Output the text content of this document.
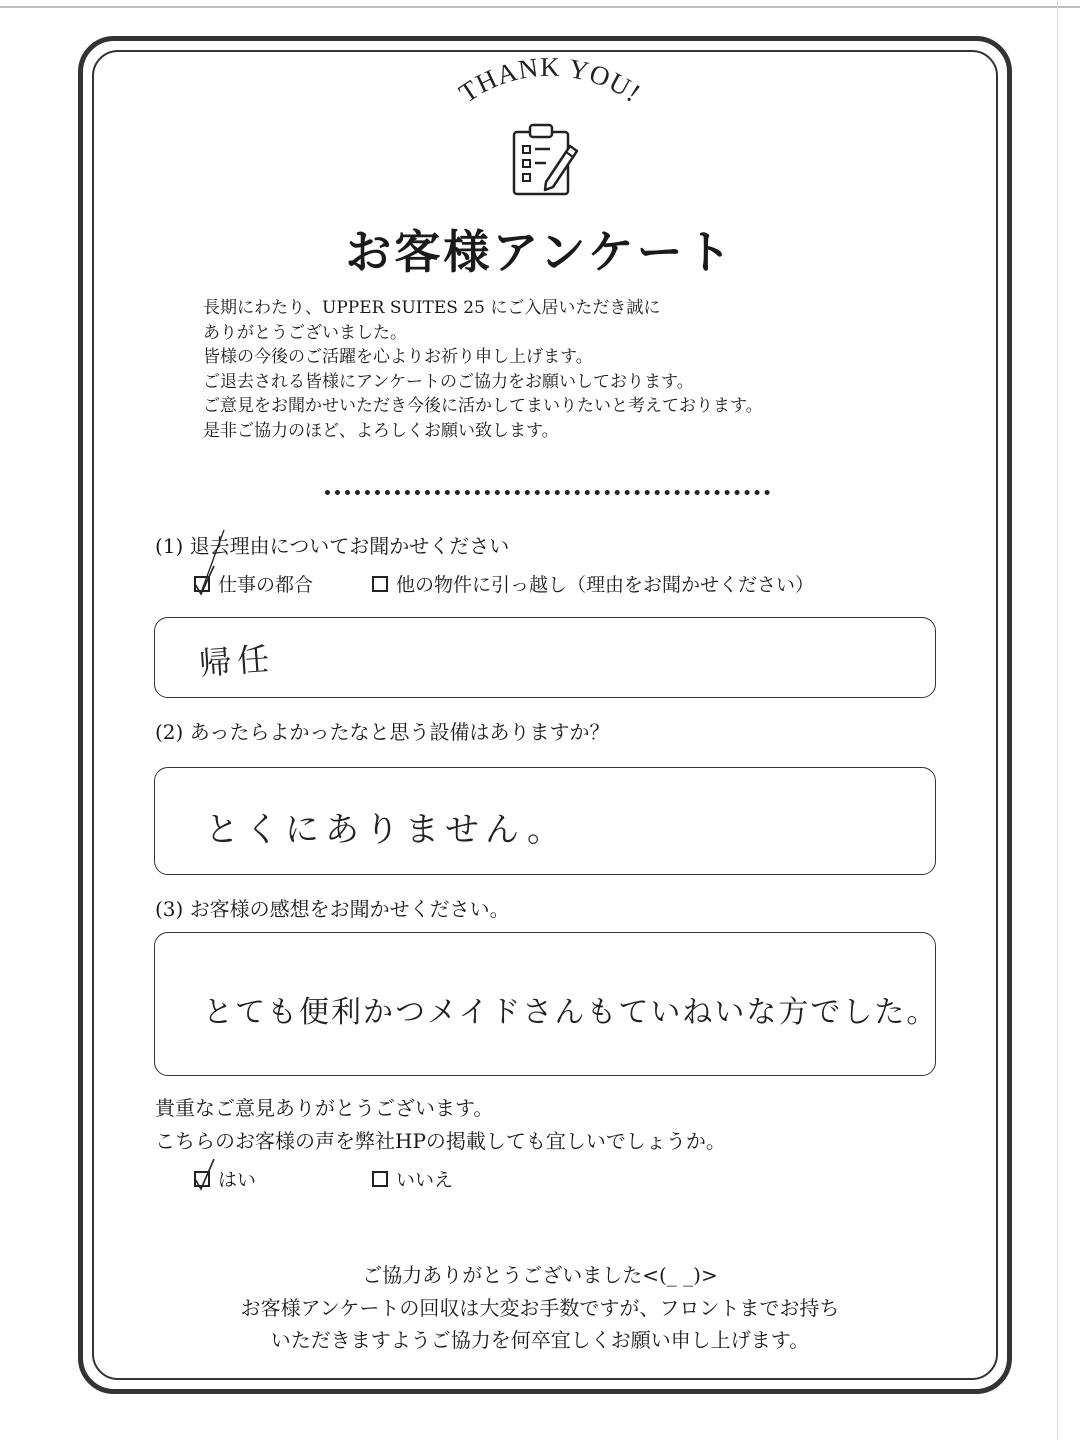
THANK YOU!
お客様アンケート
長期にわたり、UPPER SUITES 25 にご入居いただき誠に
ありがとうございました。
皆様の今後のご活躍を心よりお祈り申し上げます。
ご退去される皆様にアンケートのご協力をお願いしております。
ご意見をお聞かせいただき今後に活かしてまいりたいと考えております。
是非ご協力のほど、よろしくお願い致します。
(1) 退去理由についてお聞かせください
仕事の都合	他の物件に引っ越し（理由をお聞かせください）
帰任
(2) あったらよかったなと思う設備はありますか？
とくにありません。
(3) お客様の感想をお聞かせください。
とても便利かつメイドさんもていねいな方でした。
貴重なご意見ありがとうございます。
こちらのお客様の声を弊社HPの掲載しても宜しいでしょうか。
はい	いいえ
ご協力ありがとうございました<(_ _)>
お客様アンケートの回収は大変お手数ですが、フロントまでお持ち
いただきますようご協力を何卒宜しくお願い申し上げます。
